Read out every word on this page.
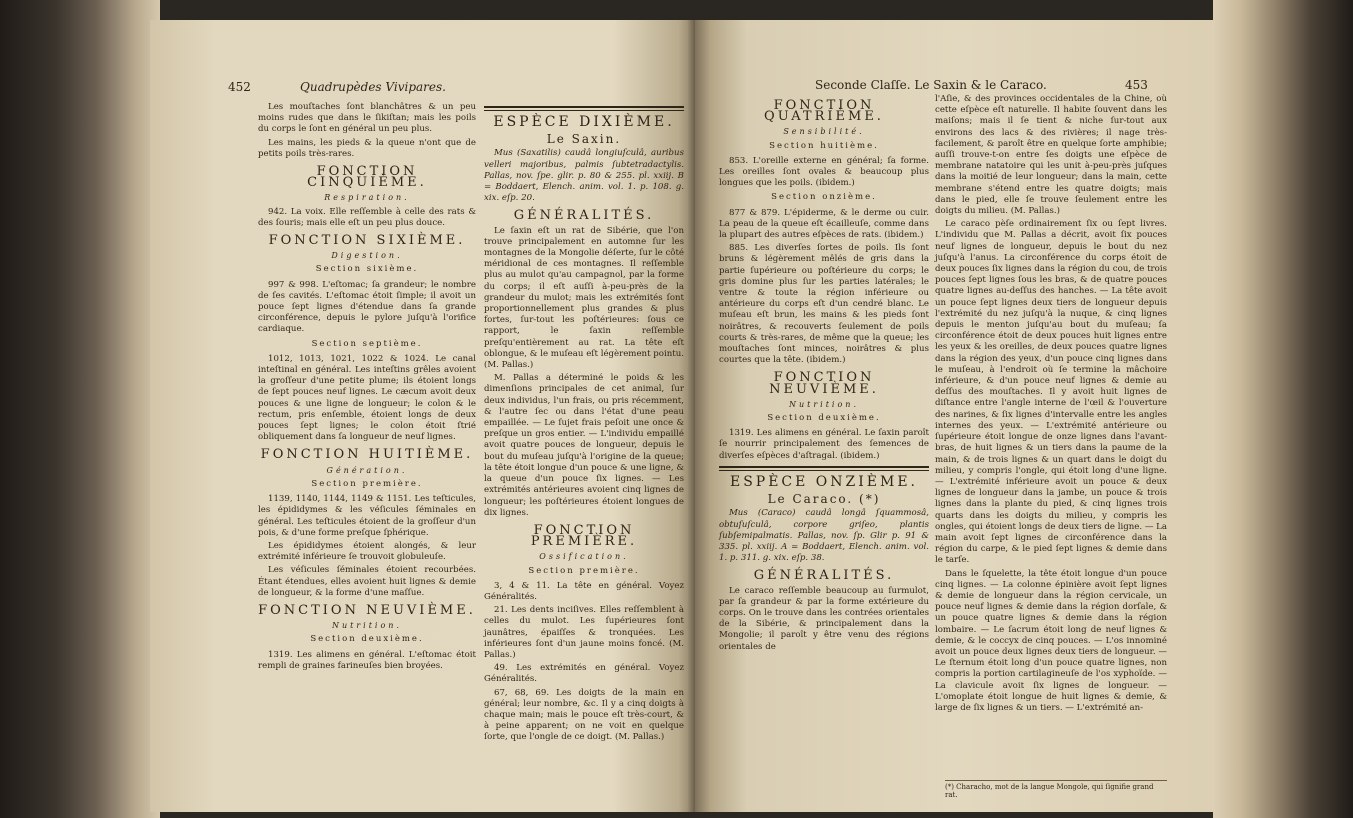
452	Quadrupèdes Vivipares.

Les mouſtaches ſont blanchâtres & un peu moins rudes que dans le ſikiſtan; mais les poils du corps le ſont en général un peu plus.

Les mains, les pieds & la queue n'ont que de petits poils très-rares.

FONCTION CINQUIÈME.
Respiration.

942. La voix. Elle reſſemble à celle des rats & des ſouris; mais elle eſt un peu plus douce.

FONCTION SIXIÈME.
Digestion.
Section sixième.

997 & 998. L'eſtomac; ſa grandeur; le nombre de ſes cavités. L'eſtomac étoit ſimple; il avoit un pouce ſept lignes d'étendue dans ſa grande circonférence, depuis le pylore juſqu'à l'orifice cardiaque.

Section septième.

1012, 1013, 1021, 1022 & 1024. Le canal inteſtinal en général. Les inteſtins grêles avoient la groſſeur d'une petite plume; ils étoient longs de ſept pouces neuf lignes. Le cæcum avoit deux pouces & une ligne de longueur; le colon & le rectum, pris enſemble, étoient longs de deux pouces ſept lignes; le colon étoit ſtrié obliquement dans ſa longueur de neuf lignes.

FONCTION HUITIÈME.
Génération.
Section première.

1139, 1140, 1144, 1149 & 1151. Les teſticules, les épididymes & les véſicules ſéminales en général. Les teſticules étoient de la groſſeur d'un pois, & d'une forme preſque ſphérique.

Les épididymes étoient alongés, & leur extrémité inférieure ſe trouvoit globuleuſe.

Les véſicules ſéminales étoient recourbées. Étant étendues, elles avoient huit lignes & demie de longueur, & la forme d'une maſſue.

FONCTION NEUVIÈME.
Nutrition.
Section deuxième.

1319. Les alimens en général. L'eſtomac étoit rempli de graines farineuſes bien broyées.

ESPÈCE DIXIÈME.
Le Saxin.

Mus (Saxatilis) caudâ longiuſculâ, auribus velleri majoribus, palmis ſubtetradactylis. Pallas, nov. ſpe. glir. p. 80 & 255. pl. xxiij. B = Boddaert, Elench. anim. vol. 1. p. 108. g. xix. eſp. 20.

GÉNÉRALITÉS.

Le ſaxin eſt un rat de Sibérie, que l'on trouve principalement en automne ſur les montagnes de la Mongolie déſerte, ſur le côté méridional de ces montagnes. Il reſſemble plus au mulot qu'au campagnol, par la forme du corps; il eſt auſſi à-peu-près de la grandeur du mulot; mais les extrémités ſont proportionnellement plus grandes & plus fortes, ſur-tout les poſtérieures: ſous ce rapport, le ſaxin reſſemble preſqu'entièrement au rat. La tête eſt oblongue, & le muſeau eſt légèrement pointu. (M. Pallas.)

M. Pallas a déterminé le poids & les dimenſions principales de cet animal, ſur deux individus, l'un frais, ou pris récemment, & l'autre ſec ou dans l'état d'une peau empaillée. — Le ſujet frais peſoit une once & preſque un gros entier. — L'individu empaillé avoit quatre pouces de longueur, depuis le bout du muſeau juſqu'à l'origine de la queue; la tête étoit longue d'un pouce & une ligne, & la queue d'un pouce ſix lignes. — Les extrémités antérieures avoient cinq lignes de longueur; les poſtérieures étoient longues de dix lignes.

FONCTION PREMIÈRE.
Ossification.
Section première.

3, 4 & 11. La tête en général. Voyez Généralités.

21. Les dents inciſives. Elles reſſemblent à celles du mulot. Les ſupérieures ſont jaunâtres, épaiſſes & tronquées. Les inférieures ſont d'un jaune moins foncé. (M. Pallas.)

49. Les extrémités en général. Voyez Généralités.

67, 68, 69. Les doigts de la main en général; leur nombre, &c. Il y a cinq doigts à chaque main; mais le pouce eſt très-court, & à peine apparent; on ne voit en quelque ſorte, que l'ongle de ce doigt. (M. Pallas.)

Seconde Claſſe. Le Saxin & le Caraco.	453
FONCTION QUATRIÈME.
Sensibilité.
Section huitième.

853. L'oreille externe en général; ſa forme. Les oreilles ſont ovales & beaucoup plus longues que les poils. (ibidem.)

Section onzième.

877 & 879. L'épiderme, & le derme ou cuir. La peau de la queue eſt écailleuſe, comme dans la plupart des autres eſpèces de rats. (ibidem.)

885. Les diverſes ſortes de poils. Ils ſont bruns & légèrement mêlés de gris dans la partie ſupérieure ou poſtérieure du corps; le gris domine plus ſur les parties latérales; le ventre & toute la région inférieure ou antérieure du corps eſt d'un cendré blanc. Le muſeau eſt brun, les mains & les pieds ſont noirâtres, & recouverts ſeulement de poils courts & très-rares, de même que la queue; les mouſtaches ſont minces, noirâtres & plus courtes que la tête. (ibidem.)

FONCTION NEUVIÈME.
Nutrition.
Section deuxième.

1319. Les alimens en général. Le ſaxin paroît ſe nourrir principalement des ſemences de diverſes eſpèces d'aſtragal. (ibidem.)

ESPÈCE ONZIÈME.
Le Caraco. (*)

Mus (Caraco) caudâ longâ ſquammosâ, obtuſuſculâ, corpore griſeo, plantis ſubſemipalmatis. Pallas, nov. ſp. Glir p. 91 & 335. pl. xxiij. A = Boddaert, Elench. anim. vol. 1. p. 311. g. xix. eſp. 38.

GÉNÉRALITÉS.

Le caraco reſſemble beaucoup au ſurmulot, par ſa grandeur & par la forme extérieure du corps. On le trouve dans les contrées orientales de la Sibérie, & principalement dans la Mongolie; il paroît y être venu des régions orientales de

l'Aſie, & des provinces occidentales de la Chine, où cette eſpèce eſt naturelle. Il habite ſouvent dans les maiſons; mais il ſe tient & niche ſur-tout aux environs des lacs & des rivières; il nage très-facilement, & paroît être en quelque ſorte amphibie; auſſi trouve-t-on entre ſes doigts une eſpèce de membrane natatoire qui les unit à-peu-près juſques dans la moitié de leur longueur; dans la main, cette membrane s'étend entre les quatre doigts; mais dans le pied, elle ſe trouve ſeulement entre les doigts du milieu. (M. Pallas.)

Le caraco pèſe ordinairement ſix ou ſept livres. L'individu que M. Pallas a décrit, avoit ſix pouces neuf lignes de longueur, depuis le bout du nez juſqu'à l'anus. La circonférence du corps étoit de deux pouces ſix lignes dans la région du cou, de trois pouces ſept lignes ſous les bras, & de quatre pouces quatre lignes au-deſſus des hanches. — La tête avoit un pouce ſept lignes deux tiers de longueur depuis l'extrémité du nez juſqu'à la nuque, & cinq lignes depuis le menton juſqu'au bout du muſeau; ſa circonférence étoit de deux pouces huit lignes entre les yeux & les oreilles, de deux pouces quatre lignes dans la région des yeux, d'un pouce cinq lignes dans le muſeau, à l'endroit où ſe termine la mâchoire inférieure, & d'un pouce neuf lignes & demie au deſſus des mouſtaches. Il y avoit huit lignes de diſtance entre l'angle interne de l'œil & l'ouverture des narines, & ſix lignes d'intervalle entre les angles internes des yeux. — L'extrémité antérieure ou ſupérieure étoit longue de onze lignes dans l'avant-bras, de huit lignes & un tiers dans la paume de la main, & de trois lignes & un quart dans le doigt du milieu, y compris l'ongle, qui étoit long d'une ligne. — L'extrémité inférieure avoit un pouce & deux lignes de longueur dans la jambe, un pouce & trois lignes dans la plante du pied, & cinq lignes trois quarts dans les doigts du milieu, y compris les ongles, qui étoient longs de deux tiers de ligne. — La main avoit ſept lignes de circonférence dans la région du carpe, & le pied ſept lignes & demie dans le tarſe.

Dans le ſquelette, la tête étoit longue d'un pouce cinq lignes. — La colonne épinière avoit ſept lignes & demie de longueur dans la région cervicale, un pouce neuf lignes & demie dans la région dorſale, & un pouce quatre lignes & demie dans la région lombaire. — Le ſacrum étoit long de neuf lignes & demie, & le coccyx de cinq pouces. — L'os innominé avoit un pouce deux lignes deux tiers de longueur. — Le ſternum étoit long d'un pouce quatre lignes, non compris la portion cartilagineuſe de l'os xyphoïde. — La clavicule avoit ſix lignes de longueur. — L'omoplate étoit longue de huit lignes & demie, & large de ſix lignes & un tiers. — L'extrémité an-

(*) Characho, mot de la langue Mongole, qui ſignifie grand rat.
